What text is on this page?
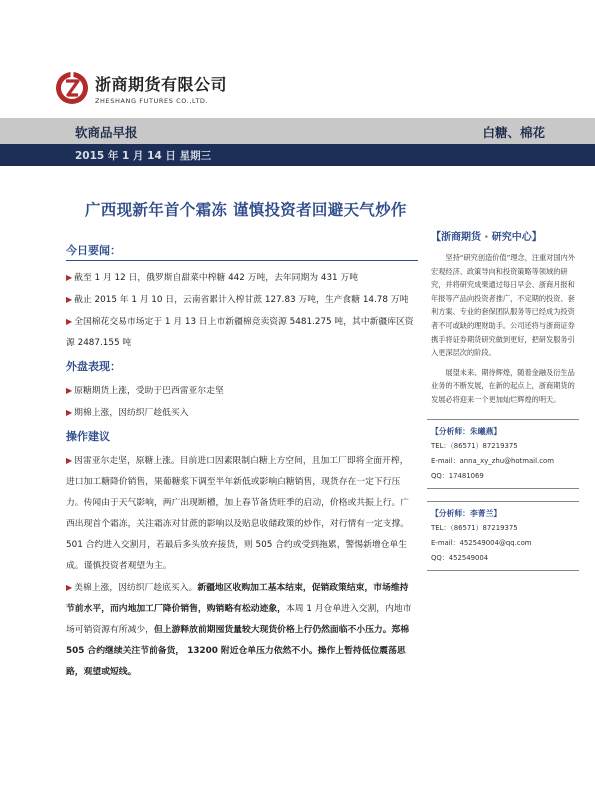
浙商期货有限公司
ZHESHANG FUTURES CO.,LTD.
软商品早报	白糖、棉花
2015 年 1 月 14 日 星期三
广西现新年首个霜冻 谨慎投资者回避天气炒作
今日要闻：
▶ 截至 1 月 12 日，俄罗斯自甜菜中榨糖 442 万吨，去年同期为 431 万吨
▶ 截止 2015 年 1 月 10 日，云南省累计入榨甘蔗 127.83 万吨，生产食糖 14.78 万吨
▶ 全国棉花交易市场定于 1 月 13 日上市新疆棉竞卖资源 5481.275 吨，其中新疆库区资源 2487.155 吨
外盘表现：
▶ 原糖期货上涨，受助于巴西雷亚尔走坚
▶ 期棉上涨，因纺织厂趁低买入
操作建议
▶ 因雷亚尔走坚，原糖上涨。目前进口因素限制白糖上方空间，且加工厂即将全面开榨，进口加工糖降价销售，果葡糖浆下调至半年新低或影响白糖销售，现货存在一定下行压力。传闻由于天气影响，两广出现断槽，加上春节备货旺季的启动，价格或共振上行。广西出现首个霜冻，关注霜冻对甘蔗的影响以及贴息收储政策的炒作，对行情有一定支撑。501 合约进入交割月，若最后多头放弃接货，则 505 合约或受到拖累，警惕新增仓单生成。谨慎投资者观望为主。
▶ 美棉上涨，因纺织厂趁底买入。新疆地区收购加工基本结束，促销政策结束，市场维持节前水平，而内地加工厂降价销售，购销略有松动迹象，本周 1 月仓单进入交割，内地市场可销资源有所减少，但上游释放前期囤货量较大现货价格上行仍然面临不小压力。郑棉 505 合约继续关注节前备货， 13200 附近仓单压力依然不小。操作上暂持低位震荡思路，观望或短线。
【浙商期货 · 研究中心】
坚持“研究创造价值”理念，注重对国内外宏观经济、政策导向和投资策略等领域的研究，并将研究成果通过每日早会、浙商月报和年报等产品向投资者推广，不定期的投资、套利方案、专业的套保团队服务等已经成为投资者不可或缺的理财助手。公司还将与浙商证券携手将证券期货研究做到更好，把研发服务引入更深层次的阶段。
展望未来、期待辉煌，随着金融及衍生品业务的不断发展，在新的起点上，浙商期货的发展必将迎来一个更加灿烂辉煌的明天。
【分析师：朱曦燕】
TEL：（86571）87219375
E-mail：anna_xy_zhu@hotmail.com
QQ：17481069
【分析师：李菁兰】
TEL：（86571）87219375
E-mail：452549004@qq.com
QQ：452549004
